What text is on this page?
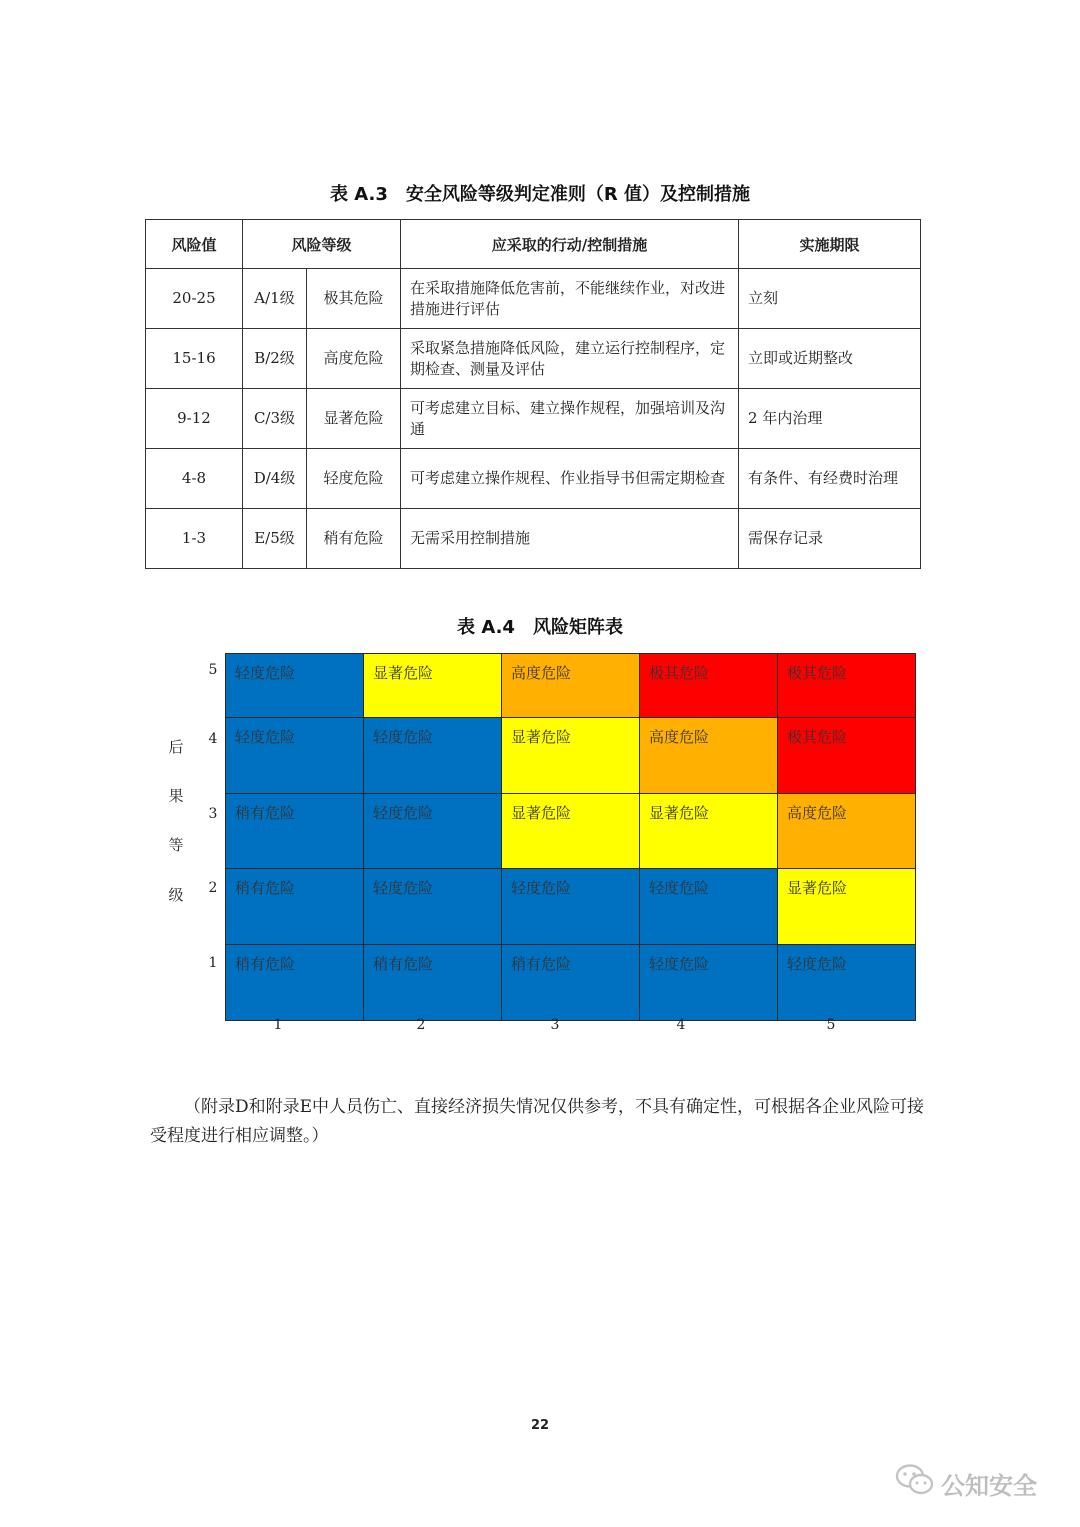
表 A.3　安全风险等级判定准则（R 值）及控制措施
风险值	风险等级		应采取的行动/控制措施	实施期限
20-25	A/1级	极其危险	在采取措施降低危害前，不能继续作业，对改进措施进行评估	立刻
15-16	B/2级	高度危险	采取紧急措施降低风险，建立运行控制程序，定期检查、测量及评估	立即或近期整改
9-12	C/3级	显著危险	可考虑建立目标、建立操作规程，加强培训及沟通	2 年内治理
4-8	D/4级	轻度危险	可考虑建立操作规程、作业指导书但需定期检查	有条件、有经费时治理
1-3	E/5级	稍有危险	无需采用控制措施	需保存记录
表 A.4　风险矩阵表
后
果
等
级
5
4
3
2
1
轻度危险	显著危险	高度危险	极其危险	极其危险
轻度危险	轻度危险	显著危险	高度危险	极其危险
稍有危险	轻度危险	显著危险	显著危险	高度危险
稍有危险	轻度危险	轻度危险	轻度危险	显著危险
稍有危险	稍有危险	稍有危险	轻度危险	轻度危险
1	2	3	4	5
（附录D和附录E中人员伤亡、直接经济损失情况仅供参考，不具有确定性，可根据各企业风险可接受程度进行相应调整。）
22
公知安全
